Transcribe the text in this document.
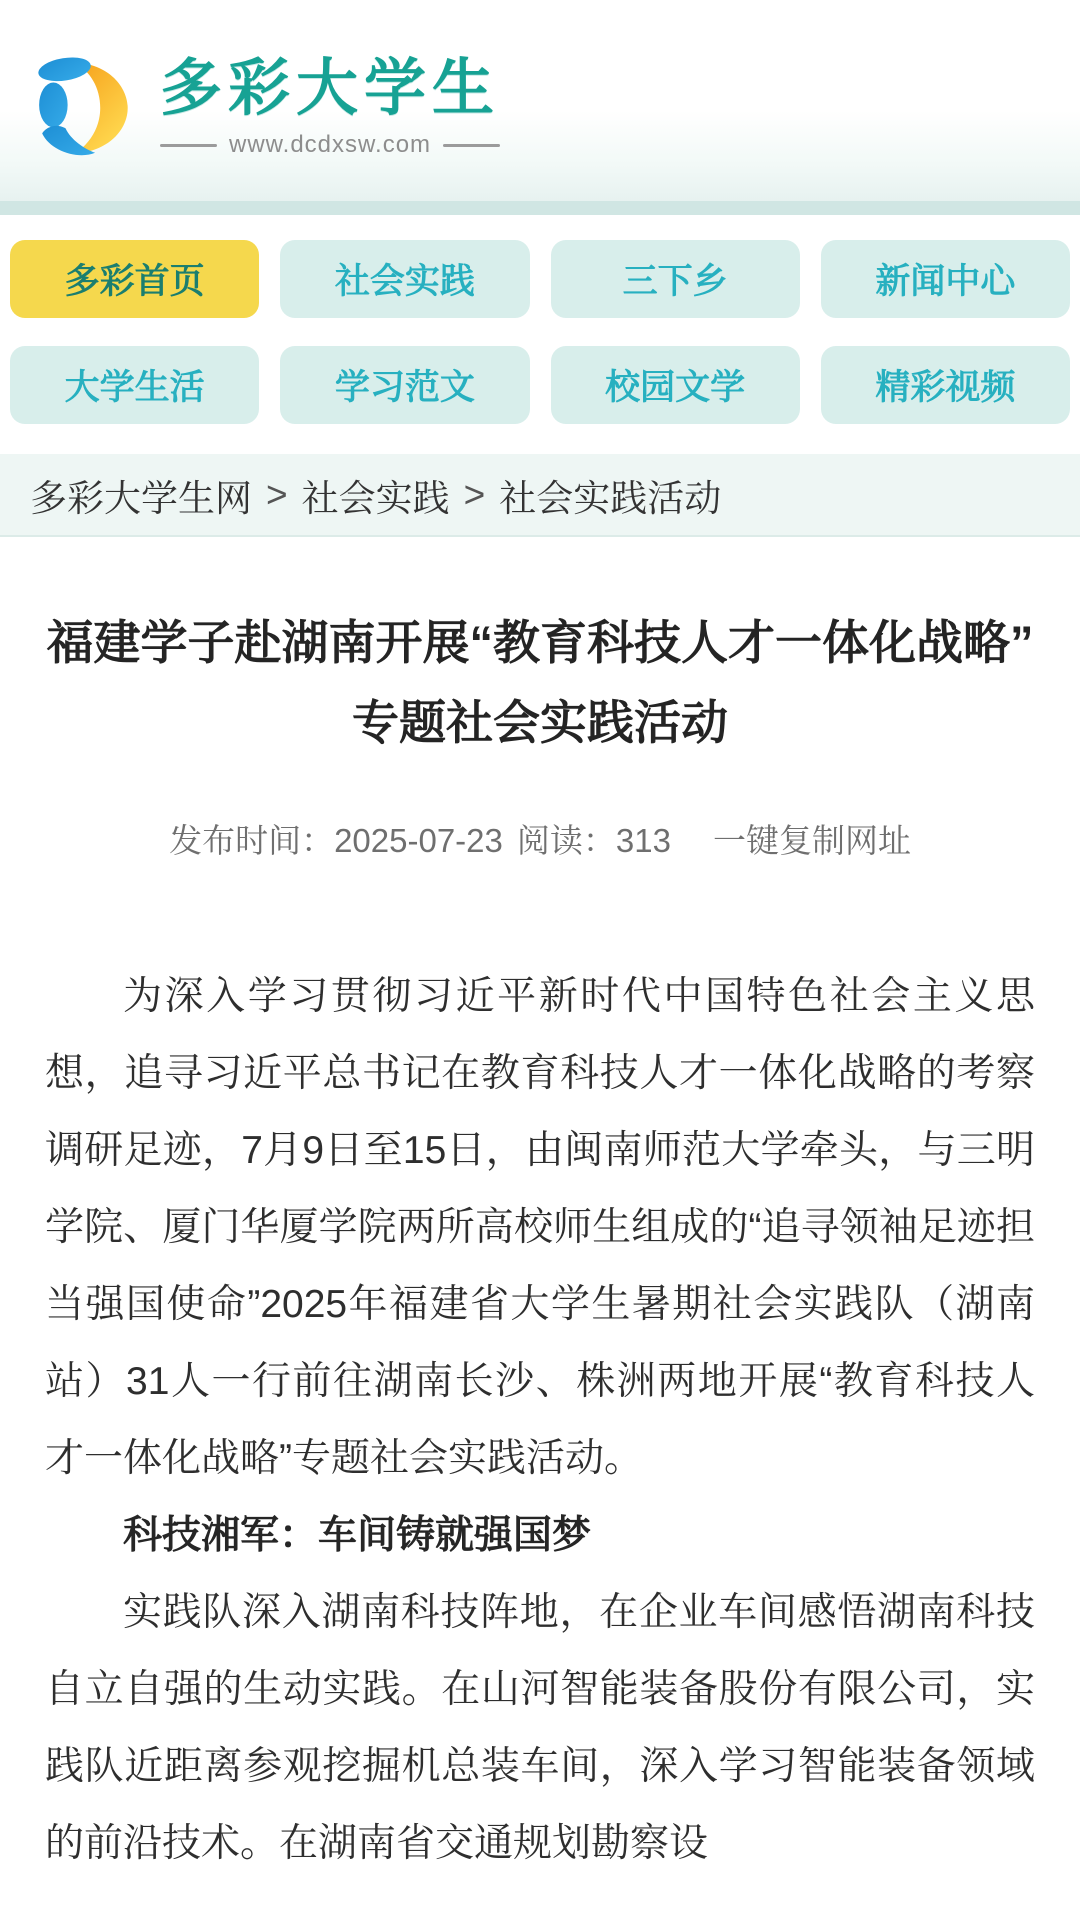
多彩大学生
www.dcdxsw.com
多彩首页	社会实践	三下乡	新闻中心
大学生活	学习范文	校园文学	精彩视频
多彩大学生网 > 社会实践 > 社会实践活动
福建学子赴湖南开展“教育科技人才一体化战略”专题社会实践活动
发布时间：2025-07-23 阅读：313 一键复制网址

为深入学习贯彻习近平新时代中国特色社会主义思想，追寻习近平总书记在教育科技人才一体化战略的考察调研足迹，7月9日至15日，由闽南师范大学牵头，与三明学院、厦门华厦学院两所高校师生组成的“追寻领袖足迹担当强国使命”2025年福建省大学生暑期社会实践队（湖南站）31人一行前往湖南长沙、株洲两地开展“教育科技人才一体化战略”专题社会实践活动。

科技湘军：车间铸就强国梦

实践队深入湖南科技阵地，在企业车间感悟湖南科技自立自强的生动实践。在山河智能装备股份有限公司，实践队近距离参观挖掘机总装车间，深入学习智能装备领域的前沿技术。在湖南省交通规划勘察设
